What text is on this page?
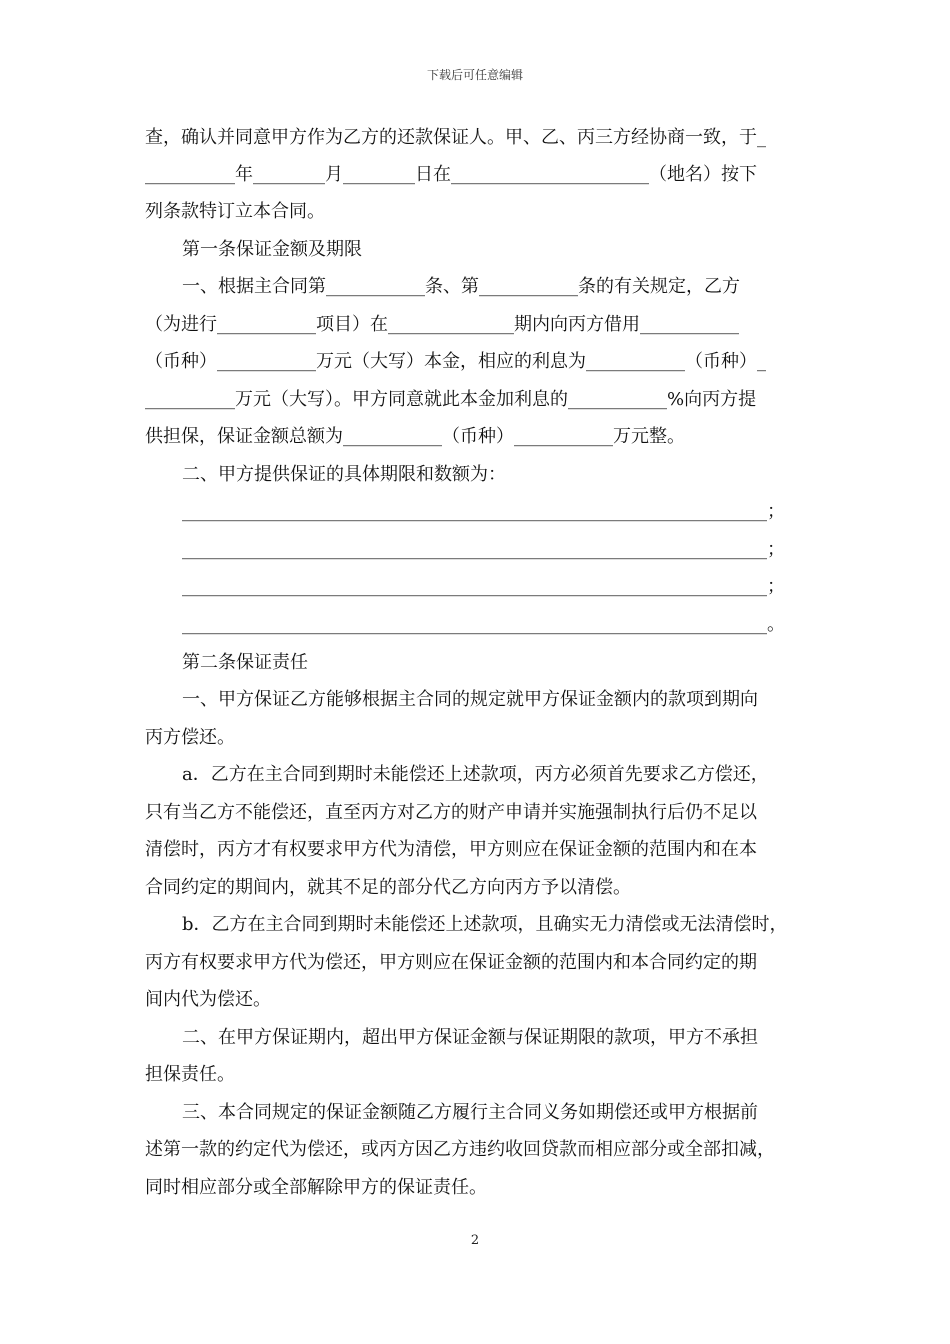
下载后可任意编辑
查，确认并同意甲方作为乙方的还款保证人。甲、乙、丙三方经协商一致，于_
__________年________月________日在______________________（地名）按下
列条款特订立本合同。
第一条保证金额及期限
一、根据主合同第___________条、第___________条的有关规定，乙方
（为进行___________项目）在______________期内向丙方借用___________
（币种）___________万元（大写）本金，相应的利息为___________（币种）_
__________万元（大写）。甲方同意就此本金加利息的___________%向丙方提
供担保，保证金额总额为___________（币种）___________万元整。
二、甲方提供保证的具体期限和数额为：
_________________________________________________________________；
_________________________________________________________________；
_________________________________________________________________；
_________________________________________________________________。
第二条保证责任
一、甲方保证乙方能够根据主合同的规定就甲方保证金额内的款项到期向
丙方偿还。
a．乙方在主合同到期时未能偿还上述款项，丙方必须首先要求乙方偿还，
只有当乙方不能偿还，直至丙方对乙方的财产申请并实施强制执行后仍不足以
清偿时，丙方才有权要求甲方代为清偿，甲方则应在保证金额的范围内和在本
合同约定的期间内，就其不足的部分代乙方向丙方予以清偿。
b．乙方在主合同到期时未能偿还上述款项，且确实无力清偿或无法清偿时，
丙方有权要求甲方代为偿还，甲方则应在保证金额的范围内和本合同约定的期
间内代为偿还。
二、在甲方保证期内，超出甲方保证金额与保证期限的款项，甲方不承担
担保责任。
三、本合同规定的保证金额随乙方履行主合同义务如期偿还或甲方根据前
述第一款的约定代为偿还，或丙方因乙方违约收回贷款而相应部分或全部扣减，
同时相应部分或全部解除甲方的保证责任。
2
